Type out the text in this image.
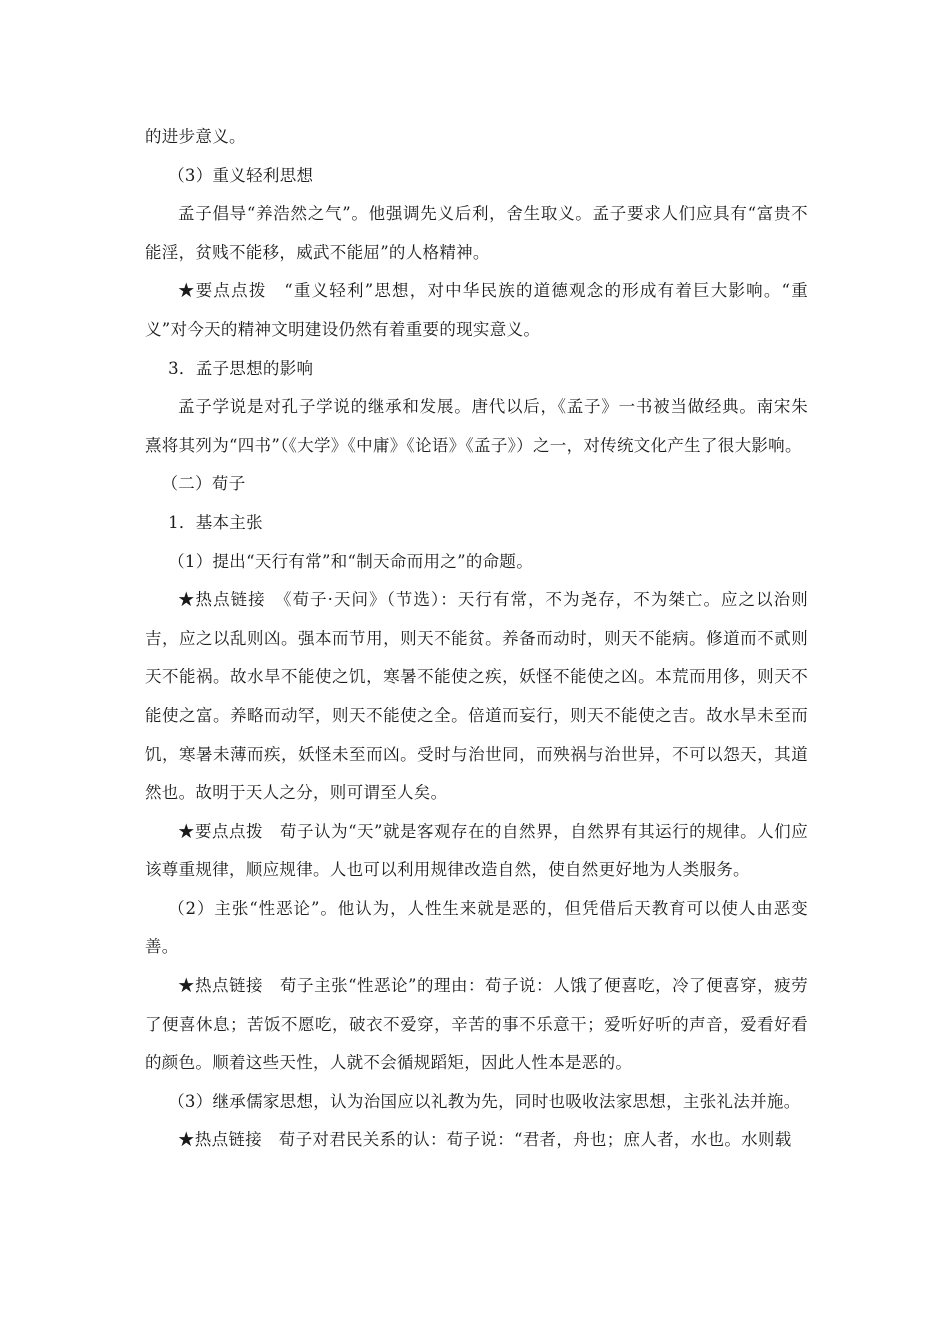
的进步意义。

（3）重义轻利思想

孟子倡导“养浩然之气”。他强调先义后利，舍生取义。孟子要求人们应具有“富贵不能淫，贫贱不能移，威武不能屈”的人格精神。

★要点点拨　“重义轻利”思想，对中华民族的道德观念的形成有着巨大影响。“重义”对今天的精神文明建设仍然有着重要的现实意义。

3．孟子思想的影响

孟子学说是对孔子学说的继承和发展。唐代以后，《孟子》一书被当做经典。南宋朱熹将其列为“四书”（《大学》《中庸》《论语》《孟子》）之一，对传统文化产生了很大影响。

（二）荀子

1．基本主张

（1）提出“天行有常”和“制天命而用之”的命题。

★热点链接　《荀子·天问》（节选）：天行有常，不为尧存，不为桀亡。应之以治则吉，应之以乱则凶。强本而节用，则天不能贫。养备而动时，则天不能病。修道而不贰则天不能祸。故水旱不能使之饥，寒暑不能使之疾，妖怪不能使之凶。本荒而用侈，则天不能使之富。养略而动罕，则天不能使之全。倍道而妄行，则天不能使之吉。故水旱未至而饥，寒暑未薄而疾，妖怪未至而凶。受时与治世同，而殃祸与治世异，不可以怨天，其道然也。故明于天人之分，则可谓至人矣。

★要点点拨　荀子认为“天”就是客观存在的自然界，自然界有其运行的规律。人们应该尊重规律，顺应规律。人也可以利用规律改造自然，使自然更好地为人类服务。

（2）主张“性恶论”。他认为，人性生来就是恶的，但凭借后天教育可以使人由恶变善。

★热点链接　荀子主张“性恶论”的理由：荀子说：人饿了便喜吃，冷了便喜穿，疲劳了便喜休息；苦饭不愿吃，破衣不爱穿，辛苦的事不乐意干；爱听好听的声音，爱看好看的颜色。顺着这些天性，人就不会循规蹈矩，因此人性本是恶的。

（3）继承儒家思想，认为治国应以礼教为先，同时也吸收法家思想，主张礼法并施。

★热点链接　荀子对君民关系的认：荀子说：“君者，舟也；庶人者，水也。水则载
